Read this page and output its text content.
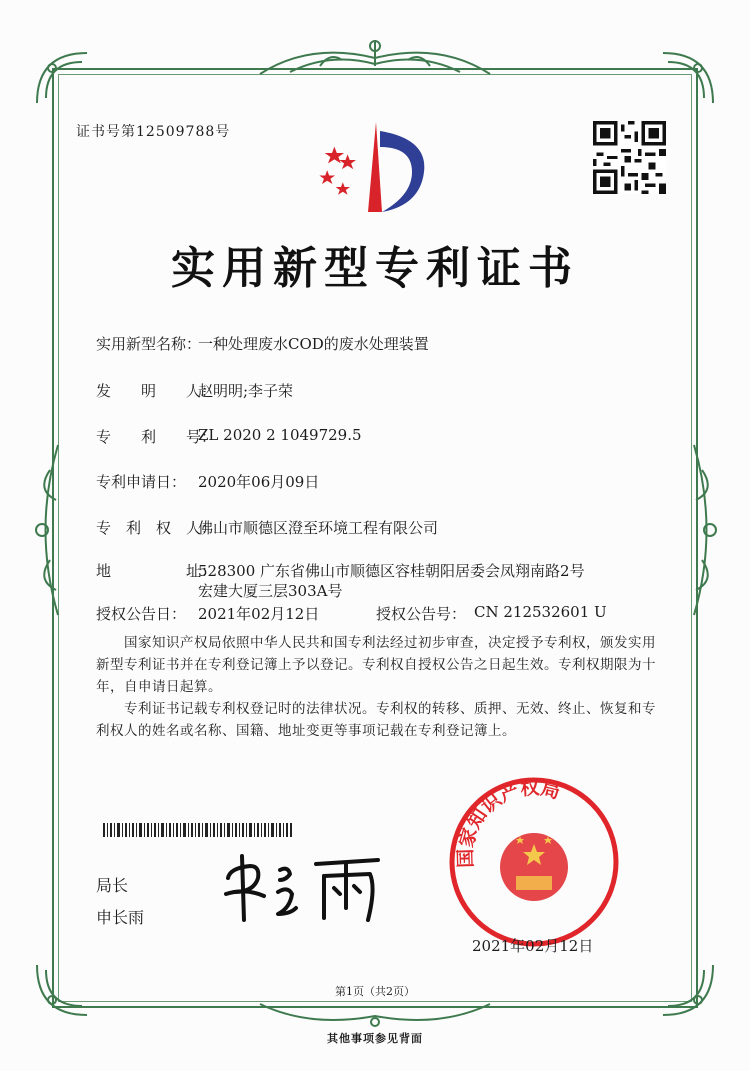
证书号第12509788号
实用新型专利证书
实用新型名称：
一种处理废水COD的废水处理装置
发　　明　　人：
赵明明;李子荣
专　　利　　号：
ZL 2020 2 1049729.5
专利申请日： 2020年06月09日
专　利　权　人：
佛山市顺德区澄至环境工程有限公司
地　　　　　址：
528300 广东省佛山市顺德区容桂朝阳居委会凤翔南路2号
宏建大厦三层303A号
授权公告日： 2021年02月12日	授权公告号： CN 212532601 U
国家知识产权局依照中华人民共和国专利法经过初步审查，决定授予专利权，颁发实用新型专利证书并在专利登记簿上予以登记。专利权自授权公告之日起生效。专利权期限为十年，自申请日起算。
专利证书记载专利权登记时的法律状况。专利权的转移、质押、无效、终止、恢复和专利权人的姓名或名称、国籍、地址变更等事项记载在专利登记簿上。
局长
申长雨
国家知识产权局
2021年02月12日
第1页（共2页）
其他事项参见背面
